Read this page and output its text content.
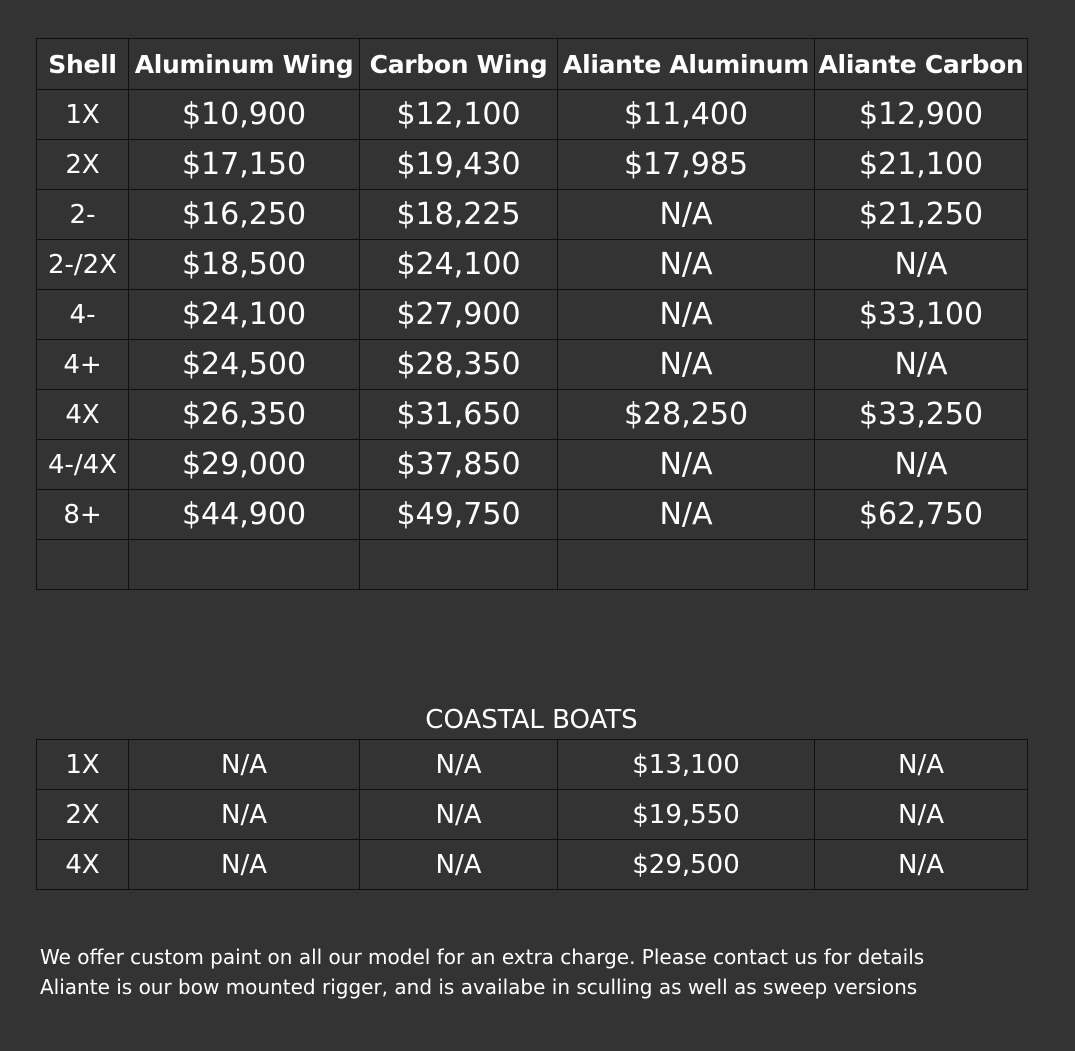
Shell	Aluminum Wing	Carbon Wing	Aliante Aluminum	Aliante Carbon
1X	$10,900	$12,100	$11,400	$12,900
2X	$17,150	$19,430	$17,985	$21,100
2-	$16,250	$18,225	N/A	$21,250
2-/2X	$18,500	$24,100	N/A	N/A
4-	$24,100	$27,900	N/A	$33,100
4+	$24,500	$28,350	N/A	N/A
4X	$26,350	$31,650	$28,250	$33,250
4-/4X	$29,000	$37,850	N/A	N/A
8+	$44,900	$49,750	N/A	$62,750

COASTAL BOATS
1X	N/A	N/A	$13,100	N/A
2X	N/A	N/A	$19,550	N/A
4X	N/A	N/A	$29,500	N/A
We offer custom paint on all our model for an extra charge. Please contact us for details
Aliante is our bow mounted rigger, and is availabe in sculling as well as sweep versions
